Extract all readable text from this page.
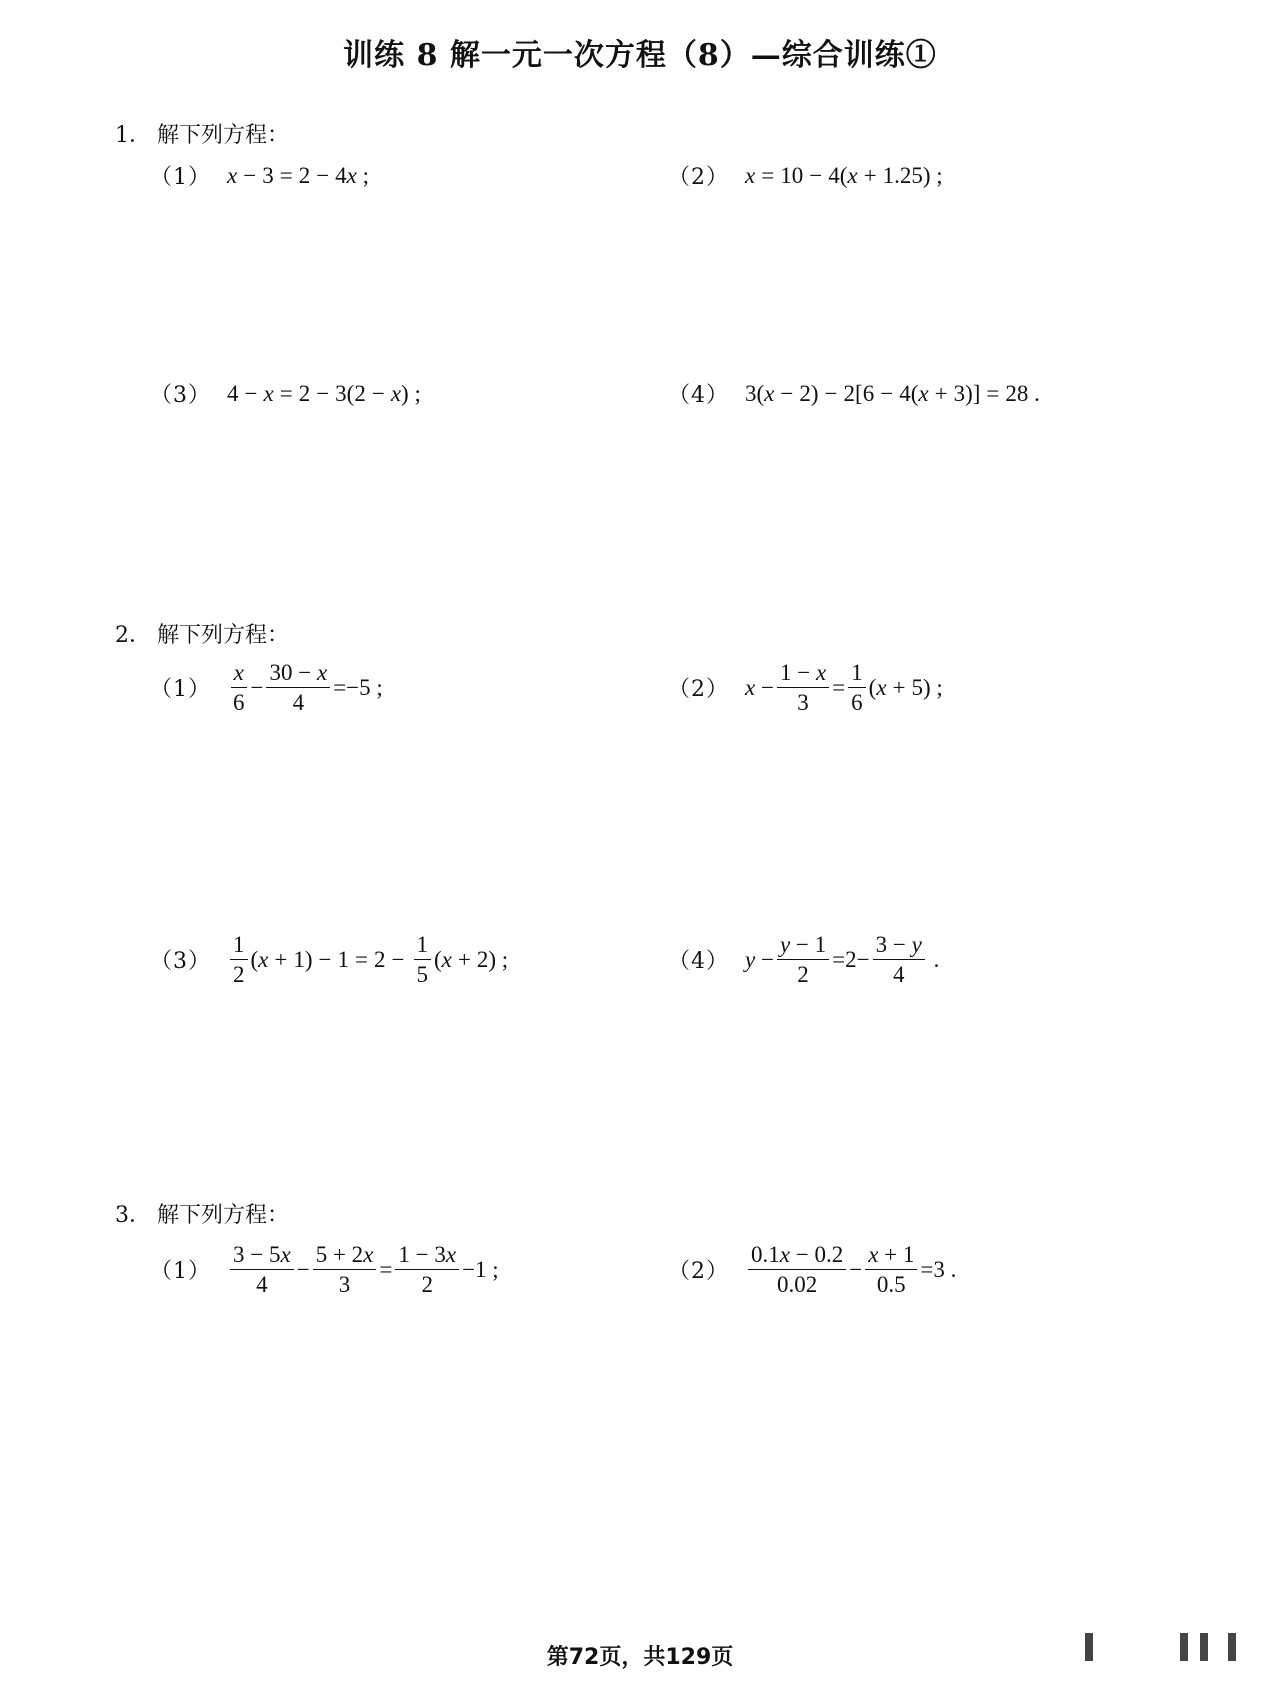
训练 8 解一元一次方程（8）—综合训练①
1． 解下列方程：
（1） x − 3 = 2 − 4 x ;	（2） x = 10 − 4( x + 1.25) ;
（3） 4 − x = 2 − 3(2 − x ) ;	（4） 3( x − 2) − 2[6 − 4( x + 3)] = 28 .
2． 解下列方程：
$(1) \frac{x}{6} - \frac{30 - x}{4} =-5$ ;	（2） $x - \frac{1 - x}{3} = \frac{1}{6}$ ( x + 5) ;
$(3) \frac{1}{2}$ ( $x + 1) - 1 = 2 - \frac{1}{5}$ ( x + 2) ;	（4） $y - \frac{y - 1}{2} =2- \frac{3 - y}{4}$ .
3． 解下列方程：
$(1) \frac{3 - 5x}{4} - \frac{5 + 2x}{3} = \frac{1 - 3x}{2} -1$ ;	$(2) \frac{0.1x - 0.2}{0.02} - \frac{x + 1}{0.5} =3$ .
第72页，共129页
